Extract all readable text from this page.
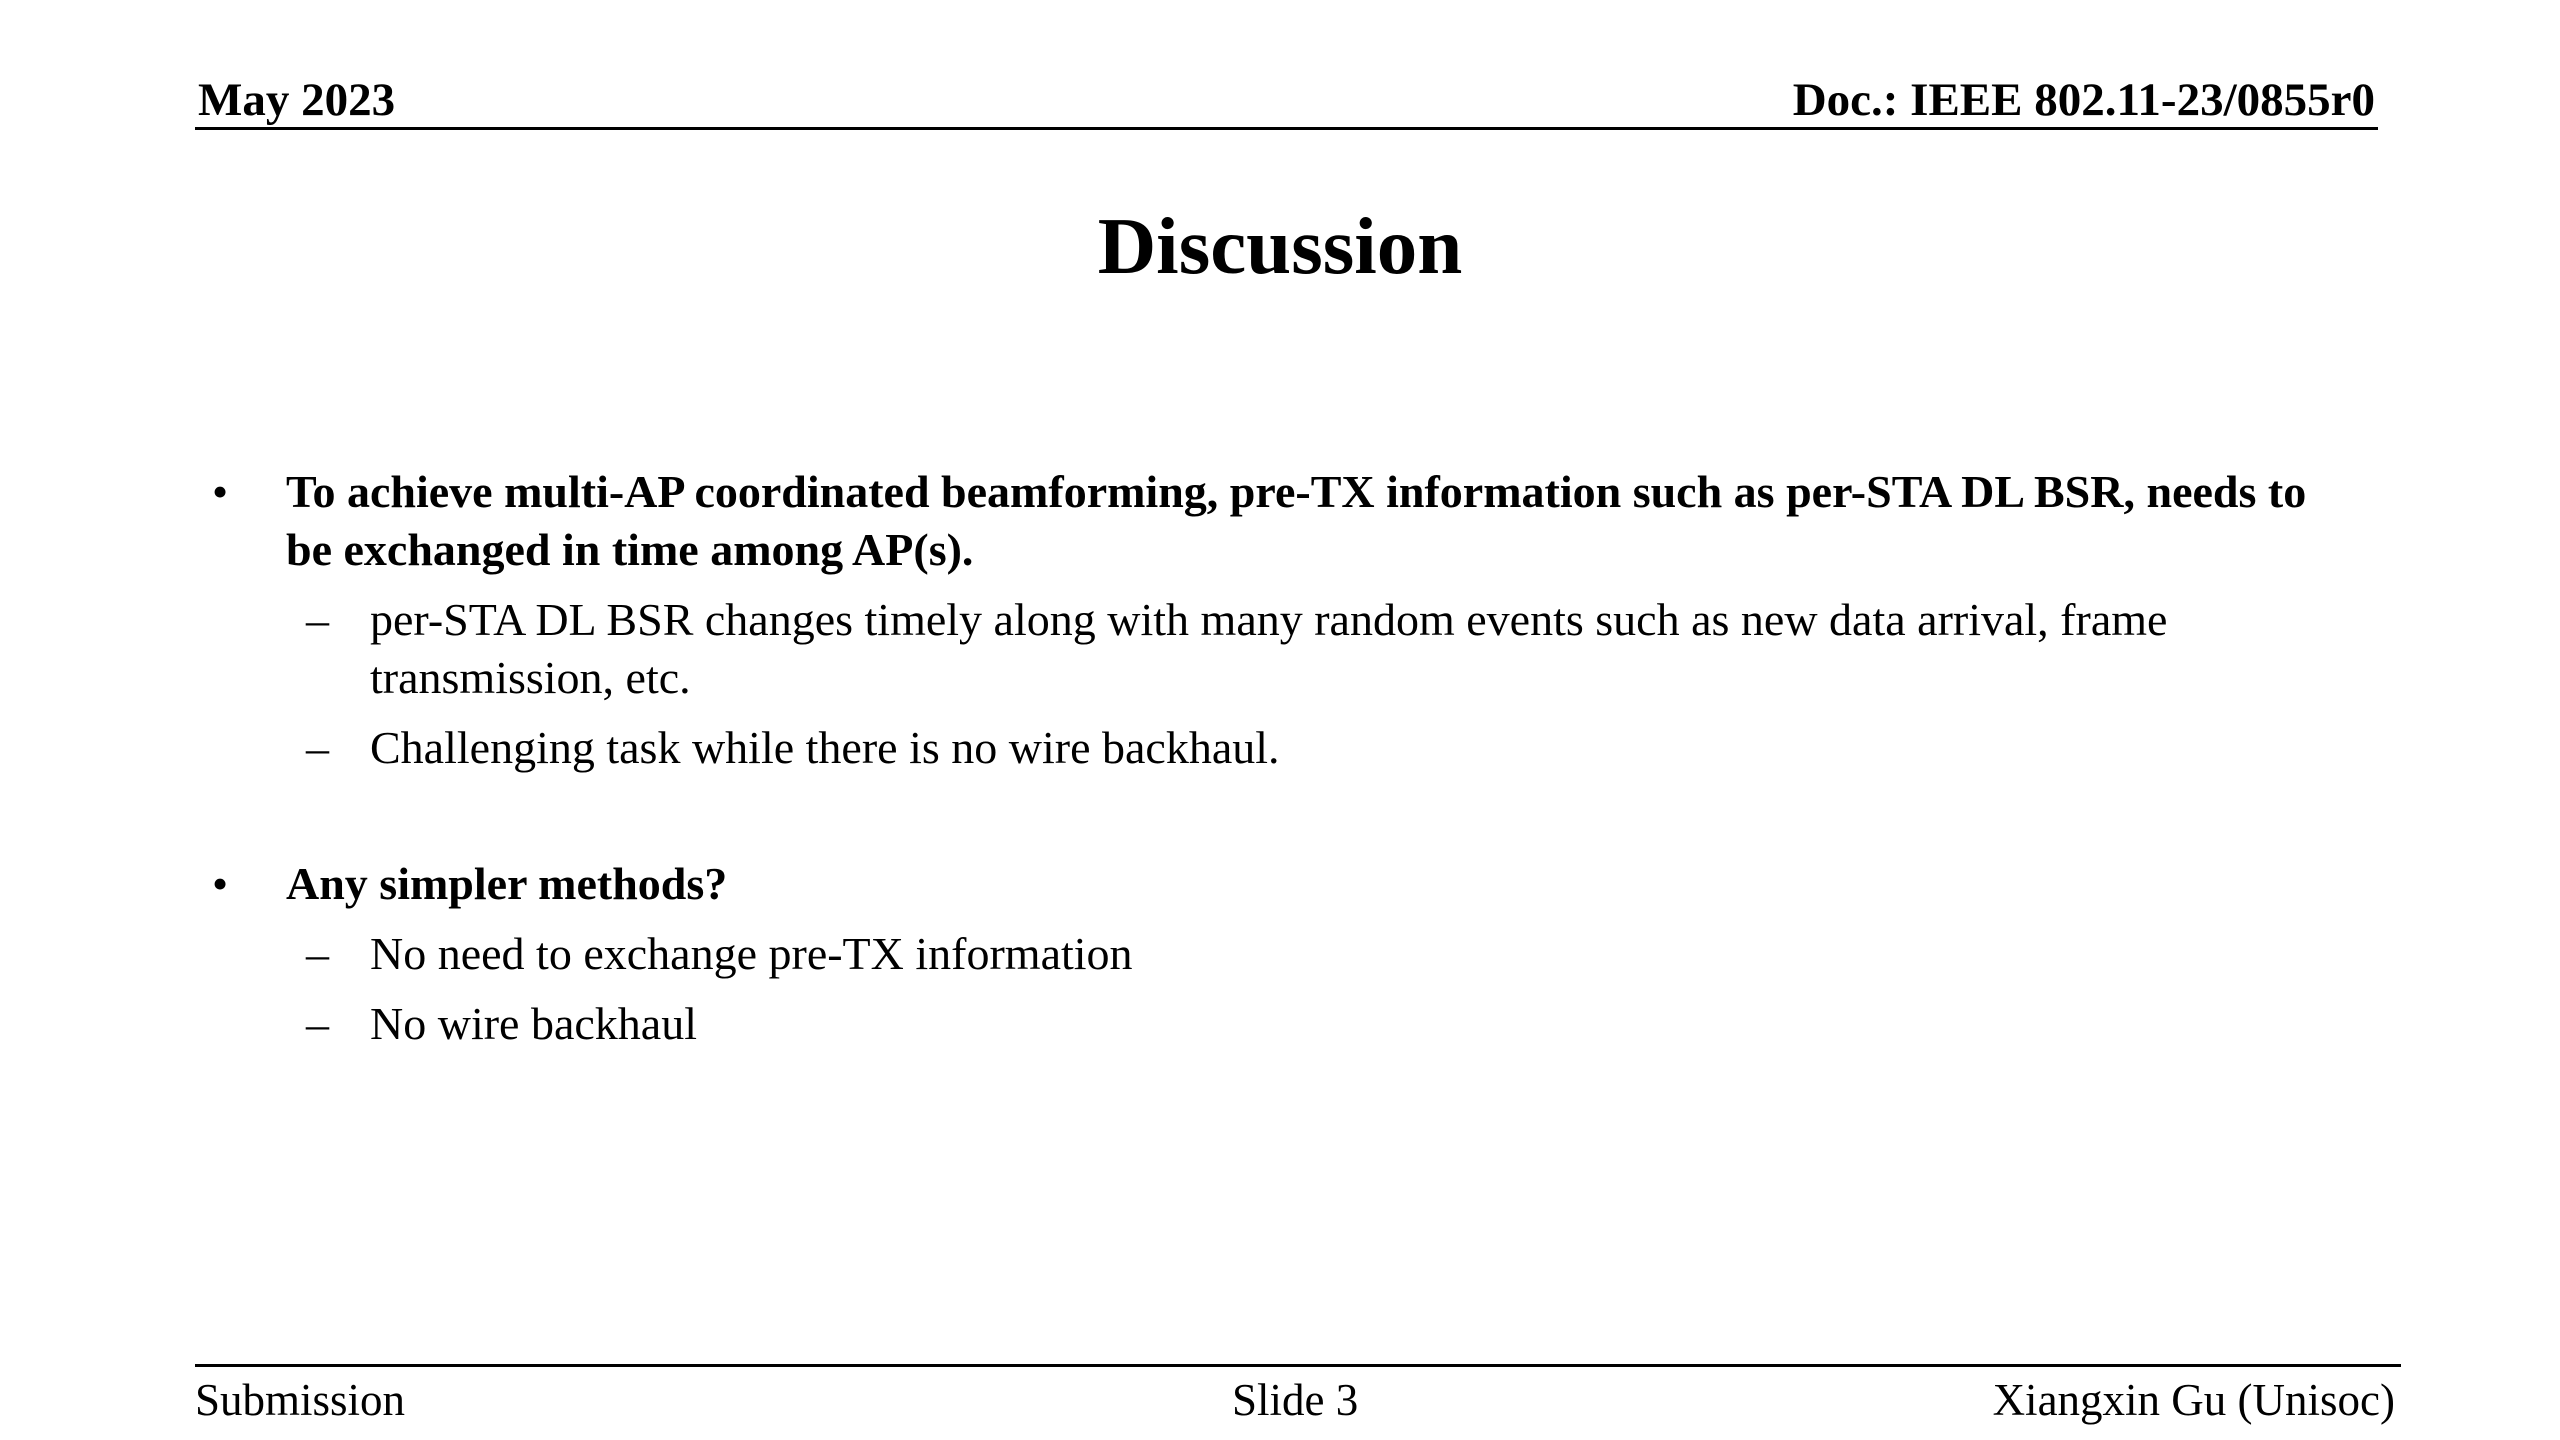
May 2023	Doc.: IEEE 802.11-23/0855r0
Discussion
• To achieve multi-AP coordinated beamforming, pre-TX information such as per-STA DL BSR, needs to be exchanged in time among AP(s).
– per-STA DL BSR changes timely along with many random events such as new data arrival, frame transmission, etc.
– Challenging task while there is no wire backhaul.
• Any simpler methods?
– No need to exchange pre-TX information
– No wire backhaul
Submission	Slide 3	Xiangxin Gu (Unisoc)
